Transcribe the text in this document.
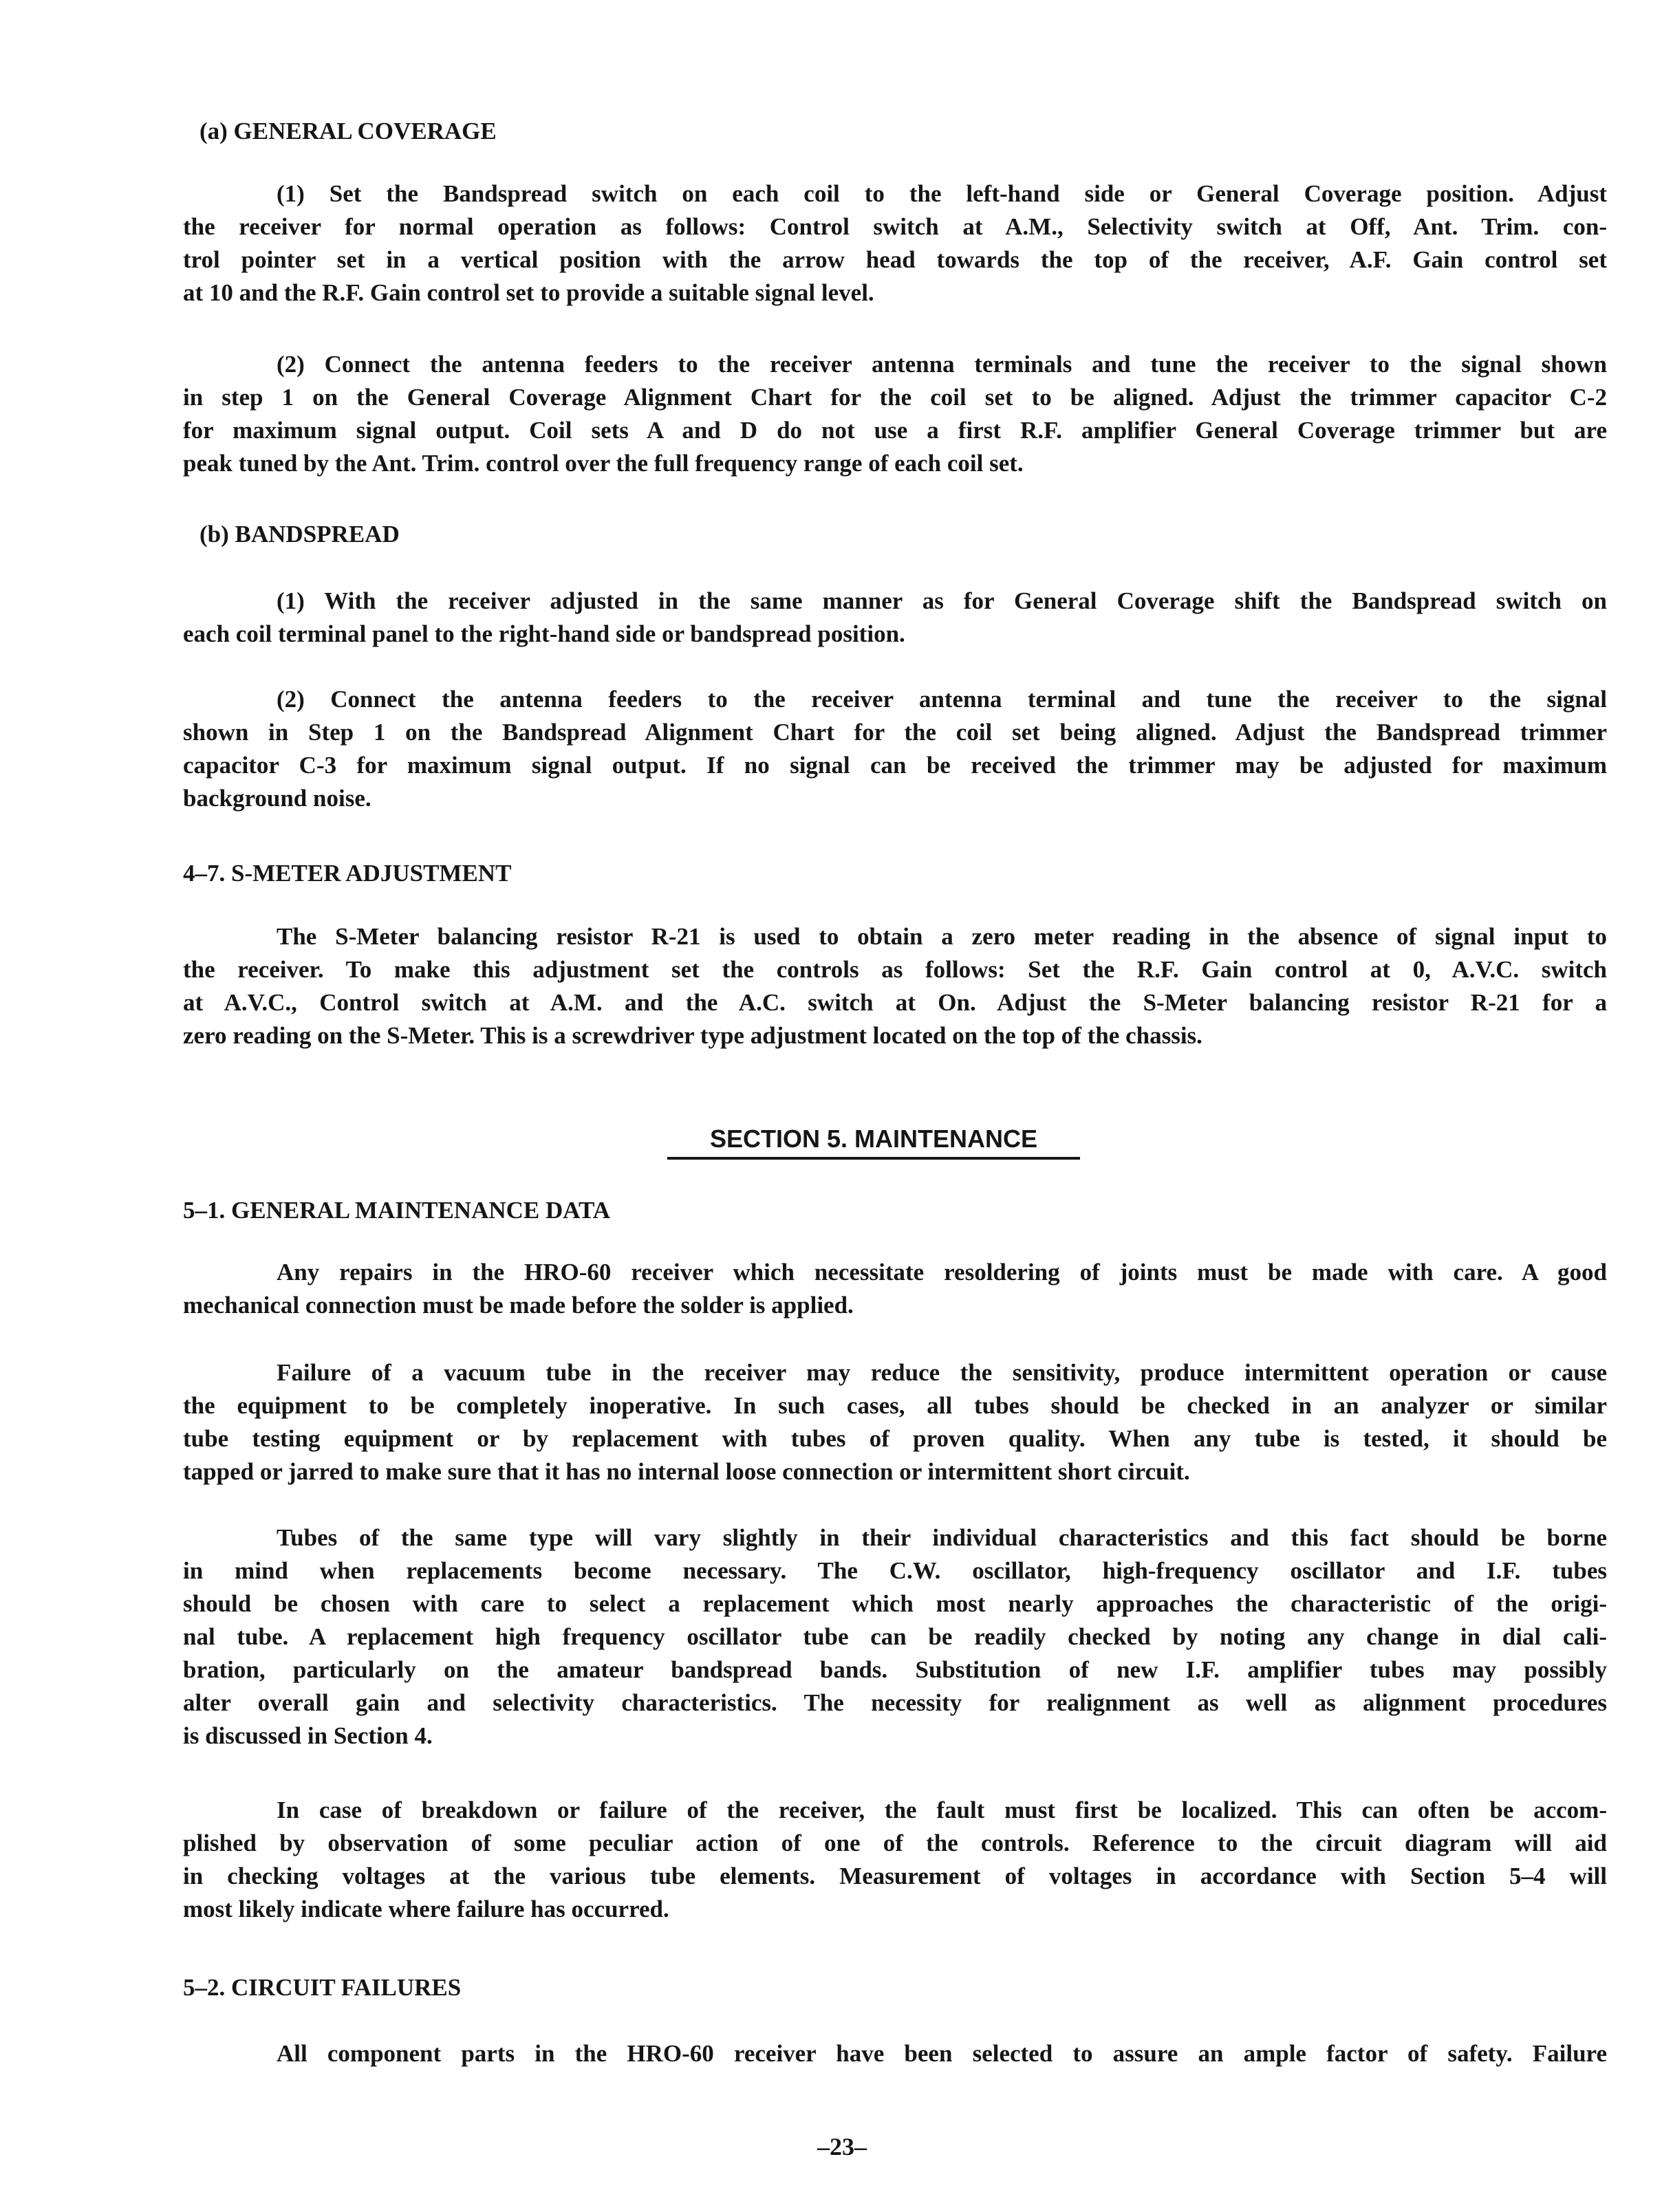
(a) GENERAL COVERAGE
(1) Set the Bandspread switch on each coil to the left-hand side or General Coverage position. Adjust
the receiver for normal operation as follows: Control switch at A.M., Selectivity switch at Off, Ant. Trim. con-
trol pointer set in a vertical position with the arrow head towards the top of the receiver, A.F. Gain control set
at 10 and the R.F. Gain control set to provide a suitable signal level.
(2) Connect the antenna feeders to the receiver antenna terminals and tune the receiver to the signal shown
in step 1 on the General Coverage Alignment Chart for the coil set to be aligned. Adjust the trimmer capacitor C-2
for maximum signal output. Coil sets A and D do not use a first R.F. amplifier General Coverage trimmer but are
peak tuned by the Ant. Trim. control over the full frequency range of each coil set.
(b) BANDSPREAD
(1) With the receiver adjusted in the same manner as for General Coverage shift the Bandspread switch on
each coil terminal panel to the right-hand side or bandspread position.
(2) Connect the antenna feeders to the receiver antenna terminal and tune the receiver to the signal
shown in Step 1 on the Bandspread Alignment Chart for the coil set being aligned. Adjust the Bandspread trimmer
capacitor C-3 for maximum signal output. If no signal can be received the trimmer may be adjusted for maximum
background noise.
4–7. S-METER ADJUSTMENT
The S-Meter balancing resistor R-21 is used to obtain a zero meter reading in the absence of signal input to
the receiver. To make this adjustment set the controls as follows: Set the R.F. Gain control at 0, A.V.C. switch
at A.V.C., Control switch at A.M. and the A.C. switch at On. Adjust the S-Meter balancing resistor R-21 for a
zero reading on the S-Meter. This is a screwdriver type adjustment located on the top of the chassis.
SECTION 5. MAINTENANCE
5–1. GENERAL MAINTENANCE DATA
Any repairs in the HRO-60 receiver which necessitate resoldering of joints must be made with care. A good
mechanical connection must be made before the solder is applied.
Failure of a vacuum tube in the receiver may reduce the sensitivity, produce intermittent operation or cause
the equipment to be completely inoperative. In such cases, all tubes should be checked in an analyzer or similar
tube testing equipment or by replacement with tubes of proven quality. When any tube is tested, it should be
tapped or jarred to make sure that it has no internal loose connection or intermittent short circuit.
Tubes of the same type will vary slightly in their individual characteristics and this fact should be borne
in mind when replacements become necessary. The C.W. oscillator, high-frequency oscillator and I.F. tubes
should be chosen with care to select a replacement which most nearly approaches the characteristic of the origi-
nal tube. A replacement high frequency oscillator tube can be readily checked by noting any change in dial cali-
bration, particularly on the amateur bandspread bands. Substitution of new I.F. amplifier tubes may possibly
alter overall gain and selectivity characteristics. The necessity for realignment as well as alignment procedures
is discussed in Section 4.
In case of breakdown or failure of the receiver, the fault must first be localized. This can often be accom-
plished by observation of some peculiar action of one of the controls. Reference to the circuit diagram will aid
in checking voltages at the various tube elements. Measurement of voltages in accordance with Section 5–4 will
most likely indicate where failure has occurred.
5–2. CIRCUIT FAILURES
All component parts in the HRO-60 receiver have been selected to assure an ample factor of safety. Failure
–23–
